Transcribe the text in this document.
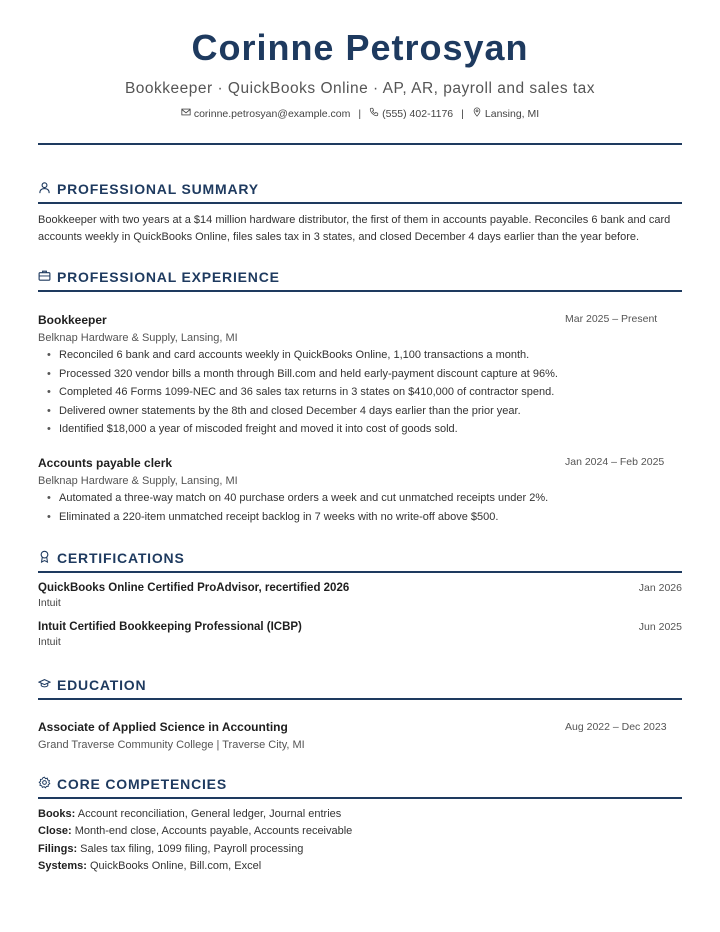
Corinne Petrosyan
Bookkeeper · QuickBooks Online · AP, AR, payroll and sales tax
corinne.petrosyan@example.com | (555) 402-1176 | Lansing, MI
PROFESSIONAL SUMMARY
Bookkeeper with two years at a $14 million hardware distributor, the first of them in accounts payable. Reconciles 6 bank and card accounts weekly in QuickBooks Online, files sales tax in 3 states, and closed December 4 days earlier than the year before.
PROFESSIONAL EXPERIENCE
Bookkeeper	Mar 2025 – Present
Belknap Hardware & Supply, Lansing, MI
• Reconciled 6 bank and card accounts weekly in QuickBooks Online, 1,100 transactions a month.
• Processed 320 vendor bills a month through Bill.com and held early-payment discount capture at 96%.
• Completed 46 Forms 1099-NEC and 36 sales tax returns in 3 states on $410,000 of contractor spend.
• Delivered owner statements by the 8th and closed December 4 days earlier than the prior year.
• Identified $18,000 a year of miscoded freight and moved it into cost of goods sold.
Accounts payable clerk	Jan 2024 – Feb 2025
Belknap Hardware & Supply, Lansing, MI
• Automated a three-way match on 40 purchase orders a week and cut unmatched receipts under 2%.
• Eliminated a 220-item unmatched receipt backlog in 7 weeks with no write-off above $500.
CERTIFICATIONS
QuickBooks Online Certified ProAdvisor, recertified 2026	Jan 2026
Intuit
Intuit Certified Bookkeeping Professional (ICBP)	Jun 2025
Intuit
EDUCATION
Associate of Applied Science in Accounting	Aug 2022 – Dec 2023
Grand Traverse Community College | Traverse City, MI
CORE COMPETENCIES
Books: Account reconciliation, General ledger, Journal entries
Close: Month-end close, Accounts payable, Accounts receivable
Filings: Sales tax filing, 1099 filing, Payroll processing
Systems: QuickBooks Online, Bill.com, Excel
